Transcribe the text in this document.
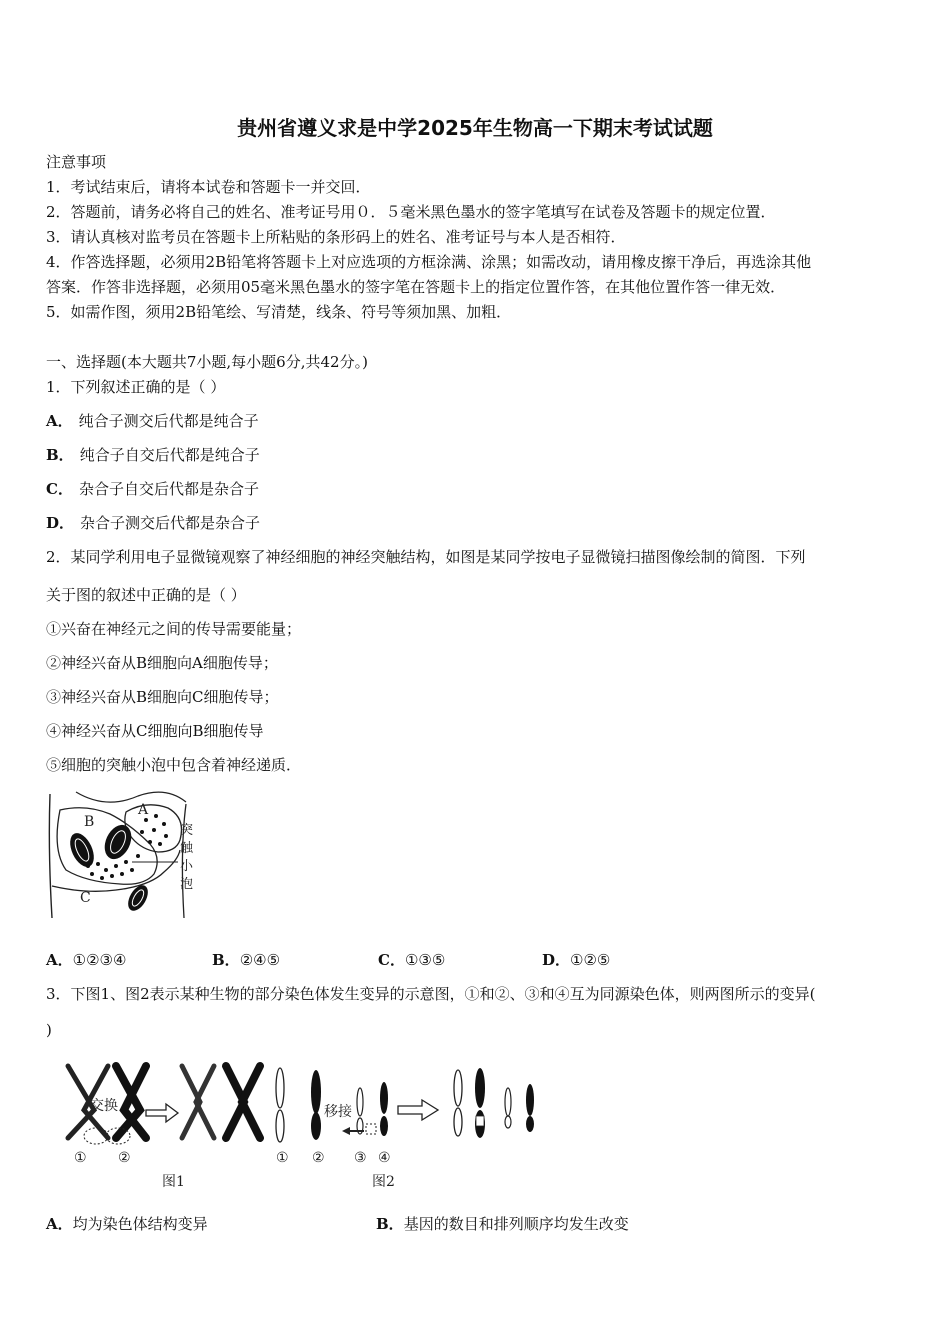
贵州省遵义求是中学2025年生物高一下期末考试试题
注意事项
1．考试结束后，请将本试卷和答题卡一并交回．
2．答题前，请务必将自己的姓名、准考证号用０．５毫米黑色墨水的签字笔填写在试卷及答题卡的规定位置．
3．请认真核对监考员在答题卡上所粘贴的条形码上的姓名、准考证号与本人是否相符．
4．作答选择题，必须用2B铅笔将答题卡上对应选项的方框涂满、涂黑；如需改动，请用橡皮擦干净后，再选涂其他
答案．作答非选择题，必须用05毫米黑色墨水的签字笔在答题卡上的指定位置作答，在其他位置作答一律无效．
5．如需作图，须用2B铅笔绘、写清楚，线条、符号等须加黑、加粗．
一、选择题(本大题共7小题,每小题6分,共42分。)
1．下列叙述正确的是（ ）
A． 纯合子测交后代都是纯合子
B． 纯合子自交后代都是纯合子
C． 杂合子自交后代都是杂合子
D． 杂合子测交后代都是杂合子
2．某同学利用电子显微镜观察了神经细胞的神经突触结构，如图是某同学按电子显微镜扫描图像绘制的简图．下列
关于图的叙述中正确的是（ ）
①兴奋在神经元之间的传导需要能量；
②神经兴奋从B细胞向A细胞传导；
③神经兴奋从B细胞向C细胞传导；
④神经兴奋从C细胞向B细胞传导
⑤细胞的突触小泡中包含着神经递质．
A
B
C
突
触
小
泡
A．①②③④	B．②④⑤	C．①③⑤	D．①②⑤
3．下图1、图2表示某种生物的部分染色体发生变异的示意图，①和②、③和④互为同源染色体，则两图所示的变异(
)
交换	移接
① ②	① ② ③ ④
图1	图2
A．均为染色体结构变异	B．基因的数目和排列顺序均发生改变
